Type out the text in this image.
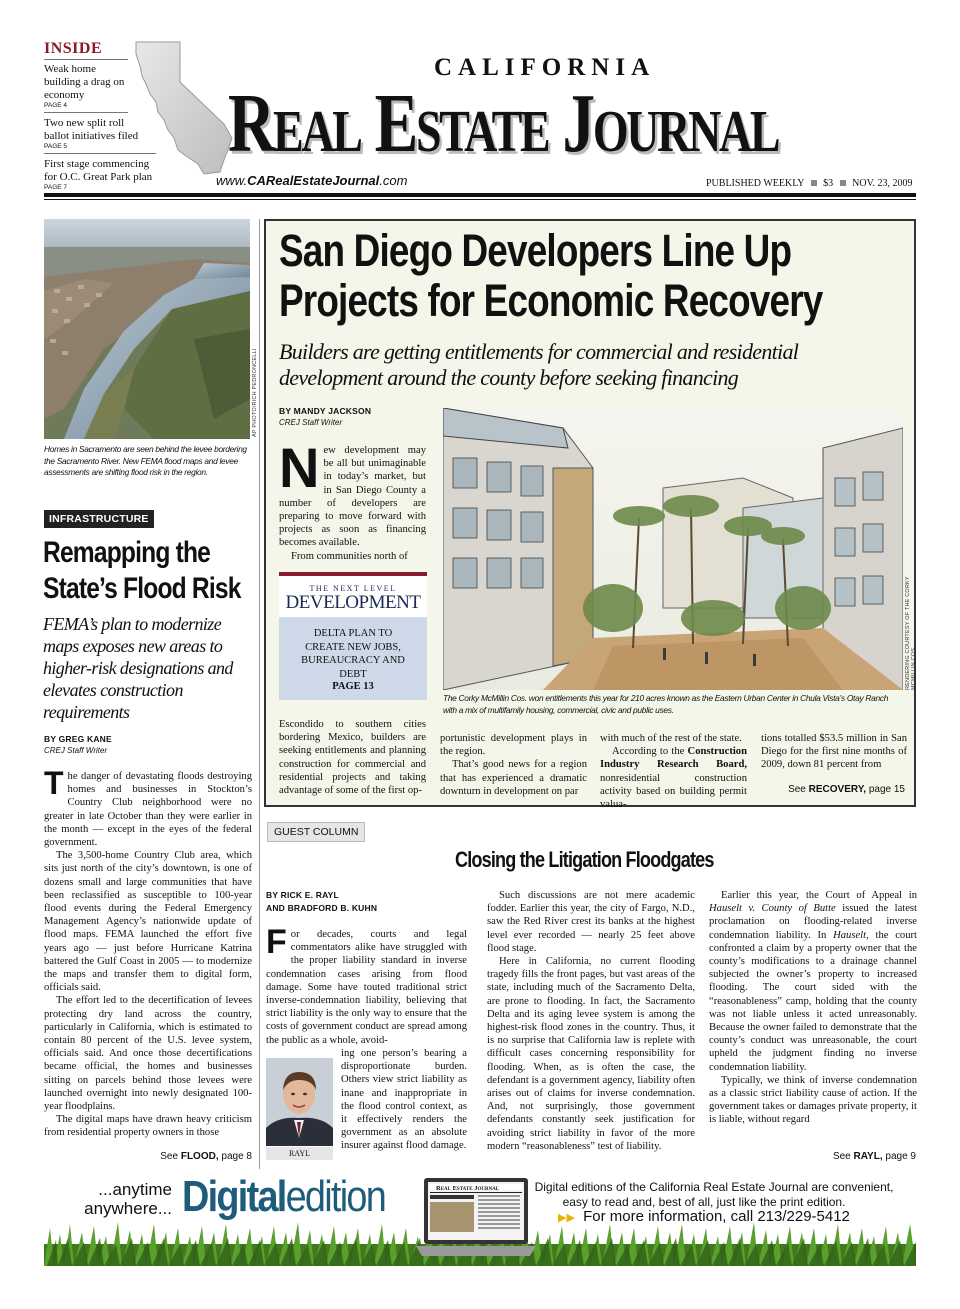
INSIDE
Weak home building a drag on economy
PAGE 4
Two new split roll ballot initiatives filed
PAGE 5
First stage commencing for O.C. Great Park plan
PAGE 7
CALIFORNIA
Real Estate Journal
www.CARealEstateJournal.com	PUBLISHED WEEKLY $3 NOV. 23, 2009
AP PHOTO/RICH PEDRONCELLI
Homes in Sacramento are seen behind the levee bordering the Sacramento River. New FEMA flood maps and levee assessments are shifting flood risk in the region.
INFRASTRUCTURE
Remapping the
State’s Flood Risk
FEMA’s plan to modernize maps exposes new areas to higher-risk designations and elevates construction requirements
BY GREG KANE
CREJ Staff Writer

The danger of devastating floods destroying homes and businesses in Stockton’s Country Club neighborhood were no greater in late October than they were earlier in the month — except in the eyes of the federal government.

The 3,500-home Country Club area, which sits just north of the city’s downtown, is one of dozens small and large communities that have been reclassified as susceptible to 100-year flood events during the Federal Emergency Management Agency’s nationwide update of flood maps. FEMA launched the effort five years ago — just before Hurricane Katrina battered the Gulf Coast in 2005 — to modernize the maps and transfer them to digital form, officials said.

The effort led to the decertification of levees protecting dry land across the country, particularly in California, which is estimated to contain 80 percent of the U.S. levee system, officials said. And once those decertifications became official, the homes and businesses sitting on parcels behind those levees were launched overnight into newly designated 100-year floodplains.

The digital maps have drawn heavy criticism from residential property owners in those

See FLOOD, page 8
San Diego Developers Line Up
Projects for Economic Recovery
Builders are getting entitlements for commercial and residential development around the county before seeking financing
BY MANDY JACKSON
CREJ Staff Writer

New development may be all but unimaginable in today’s market, but in San Diego County a number of developers are preparing to move forward with projects as soon as financing becomes available.

From communities north of

THE NEXT LEVEL
DEVELOPMENT
DELTA PLAN TO CREATE NEW JOBS, BUREAUCRACY AND DEBT
PAGE 13	RENDERING COURTESY OF THE CORKY MCMILLIN COS.
The Corky McMillin Cos. won entitlements this year for 210 acres known as the Eastern Urban Center in Chula Vista’s Otay Ranch with a mix of multifamily housing, commercial, civic and public uses.
Escondido to southern cities bordering Mexico, builders are seeking entitlements and planning construction for commercial and residential projects and taking advantage of some of the first op-

portunistic development plays in the region.

That’s good news for a region that has experienced a dramatic downturn in development on par

with much of the rest of the state.

According to the Construction Industry Research Board, nonresidential construction activity based on building permit valua-

tions totalled $53.5 million in San Diego for the first nine months of 2009, down 81 percent from
See RECOVERY, page 15
GUEST COLUMN
Closing the Litigation Floodgates
BY RICK E. RAYL
AND BRADFORD B. KUHN

For decades, courts and legal commentators alike have struggled with the proper liability standard in inverse condemnation cases arising from flood damage. Some have touted traditional strict inverse-condemnation liability, believing that strict liability is the only way to ensure that the costs of government conduct are spread among the public as a whole, avoid-

RAYL
ing one person’s bearing a disproportionate burden. Others view strict liability as inane and inappropriate in the flood control context, as it effectively renders the government as an absolute insurer against flood damage.

Such discussions are not mere academic fodder. Earlier this year, the city of Fargo, N.D., saw the Red River crest its banks at the highest level ever recorded — nearly 25 feet above flood stage.

Here in California, no current flooding tragedy fills the front pages, but vast areas of the state, including much of the Sacramento Delta, are prone to flooding. In fact, the Sacramento Delta and its aging levee system is among the highest-risk flood zones in the country. Thus, it is no surprise that California law is replete with difficult cases concerning responsibility for flooding. When, as is often the case, the defendant is a government agency, liability often arises out of claims for inverse condemnation. And, not surprisingly, those government defendants constantly seek justification for avoiding strict liability in favor of the more modern “reasonableness” test of liability.

Earlier this year, the Court of Appeal in Hauselt v. County of Butte issued the latest proclamation on flooding-related inverse condemnation liability. In Hauselt, the court confronted a claim by a property owner that the county’s modifications to a drainage channel subjected the owner’s property to increased flooding. The court sided with the “reasonableness” camp, holding that the county was not liable unless it acted unreasonably. Because the owner failed to demonstrate that the county’s conduct was unreasonable, the court upheld the judgment finding no inverse condemnation liability.

Typically, we think of inverse condemnation as a classic strict liability cause of action. If the government takes or damages private property, it is liable, without regard

See RAYL, page 9
...anytime
anywhere... Digitaledition	Real Estate Journal	Digital editions of the California Real Estate Journal are convenient,
easy to read and, best of all, just like the print edition.
▶▶ For more information, call 213/229-5412
